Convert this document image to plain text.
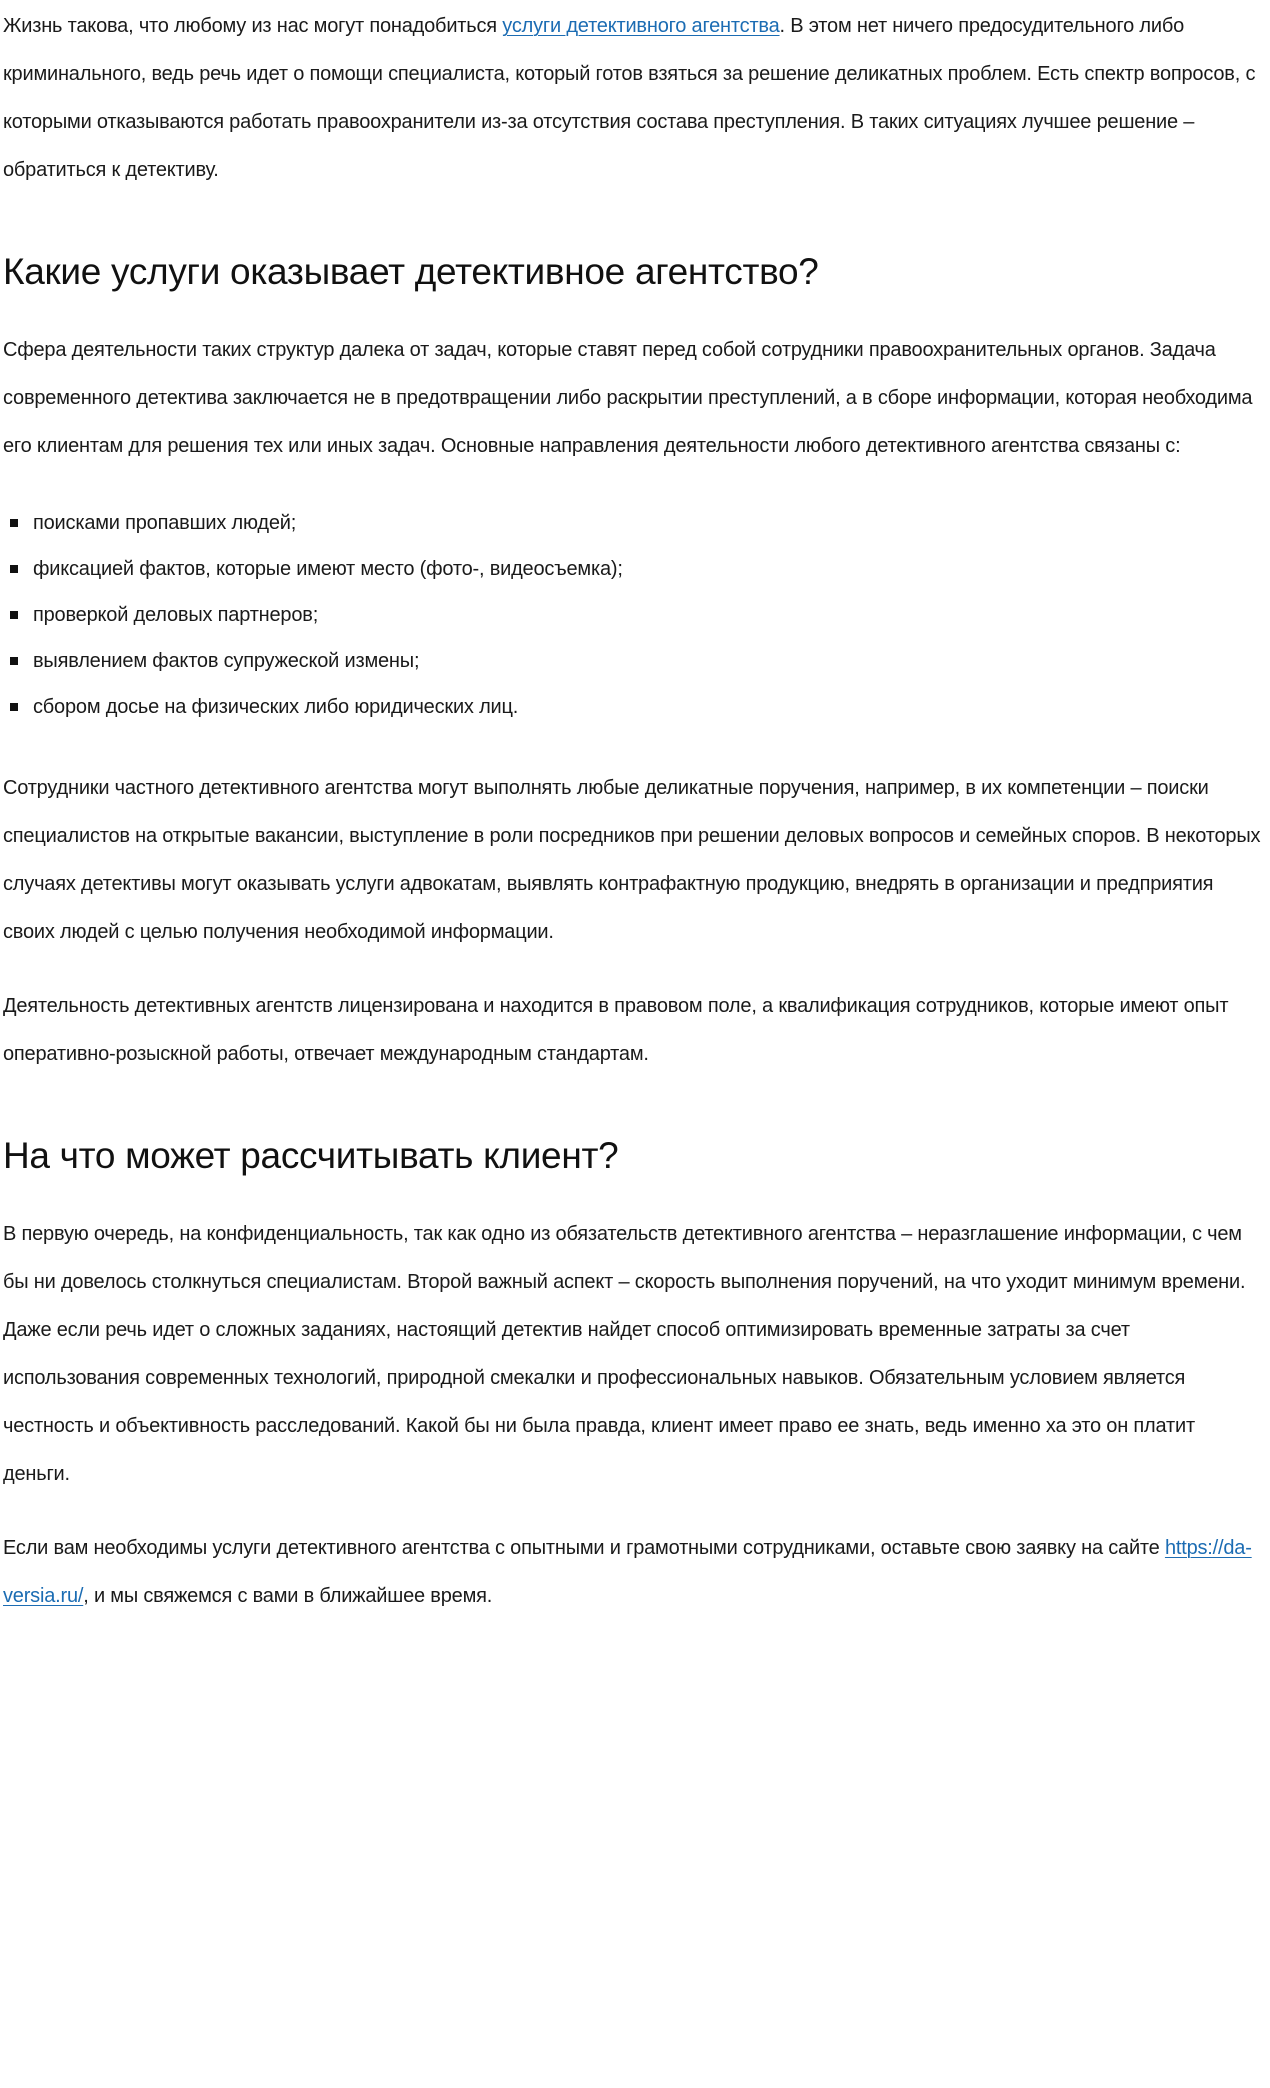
Жизнь такова, что любому из нас могут понадобиться услуги детективного агентства. В этом нет ничего предосудительного либо криминального, ведь речь идет о помощи специалиста, который готов взяться за решение деликатных проблем. Есть спектр вопросов, с которыми отказываются работать правоохранители из-за отсутствия состава преступления. В таких ситуациях лучшее решение – обратиться к детективу.

Какие услуги оказывает детективное агентство?

Сфера деятельности таких структур далека от задач, которые ставят перед собой сотрудники правоохранительных органов. Задача современного детектива заключается не в предотвращении либо раскрытии преступлений, а в сборе информации, которая необходима его клиентам для решения тех или иных задач. Основные направления деятельности любого детективного агентства связаны с:

поисками пропавших людей;
фиксацией фактов, которые имеют место (фото-, видеосъемка);
проверкой деловых партнеров;
выявлением фактов супружеской измены;
сбором досье на физических либо юридических лиц.

Сотрудники частного детективного агентства могут выполнять любые деликатные поручения, например, в их компетенции – поиски специалистов на открытые вакансии, выступление в роли посредников при решении деловых вопросов и семейных споров. В некоторых случаях детективы могут оказывать услуги адвокатам, выявлять контрафактную продукцию, внедрять в организации и предприятия своих людей с целью получения необходимой информации.

Деятельность детективных агентств лицензирована и находится в правовом поле, а квалификация сотрудников, которые имеют опыт оперативно-розыскной работы, отвечает международным стандартам.

На что может рассчитывать клиент?

В первую очередь, на конфиденциальность, так как одно из обязательств детективного агентства – неразглашение информации, с чем бы ни довелось столкнуться специалистам. Второй важный аспект – скорость выполнения поручений, на что уходит минимум времени. Даже если речь идет о сложных заданиях, настоящий детектив найдет способ оптимизировать временные затраты за счет использования современных технологий, природной смекалки и профессиональных навыков. Обязательным условием является честность и объективность расследований. Какой бы ни была правда, клиент имеет право ее знать, ведь именно ха это он платит деньги.

Если вам необходимы услуги детективного агентства с опытными и грамотными сотрудниками, оставьте свою заявку на сайте https://da-versia.ru/, и мы свяжемся с вами в ближайшее время.
